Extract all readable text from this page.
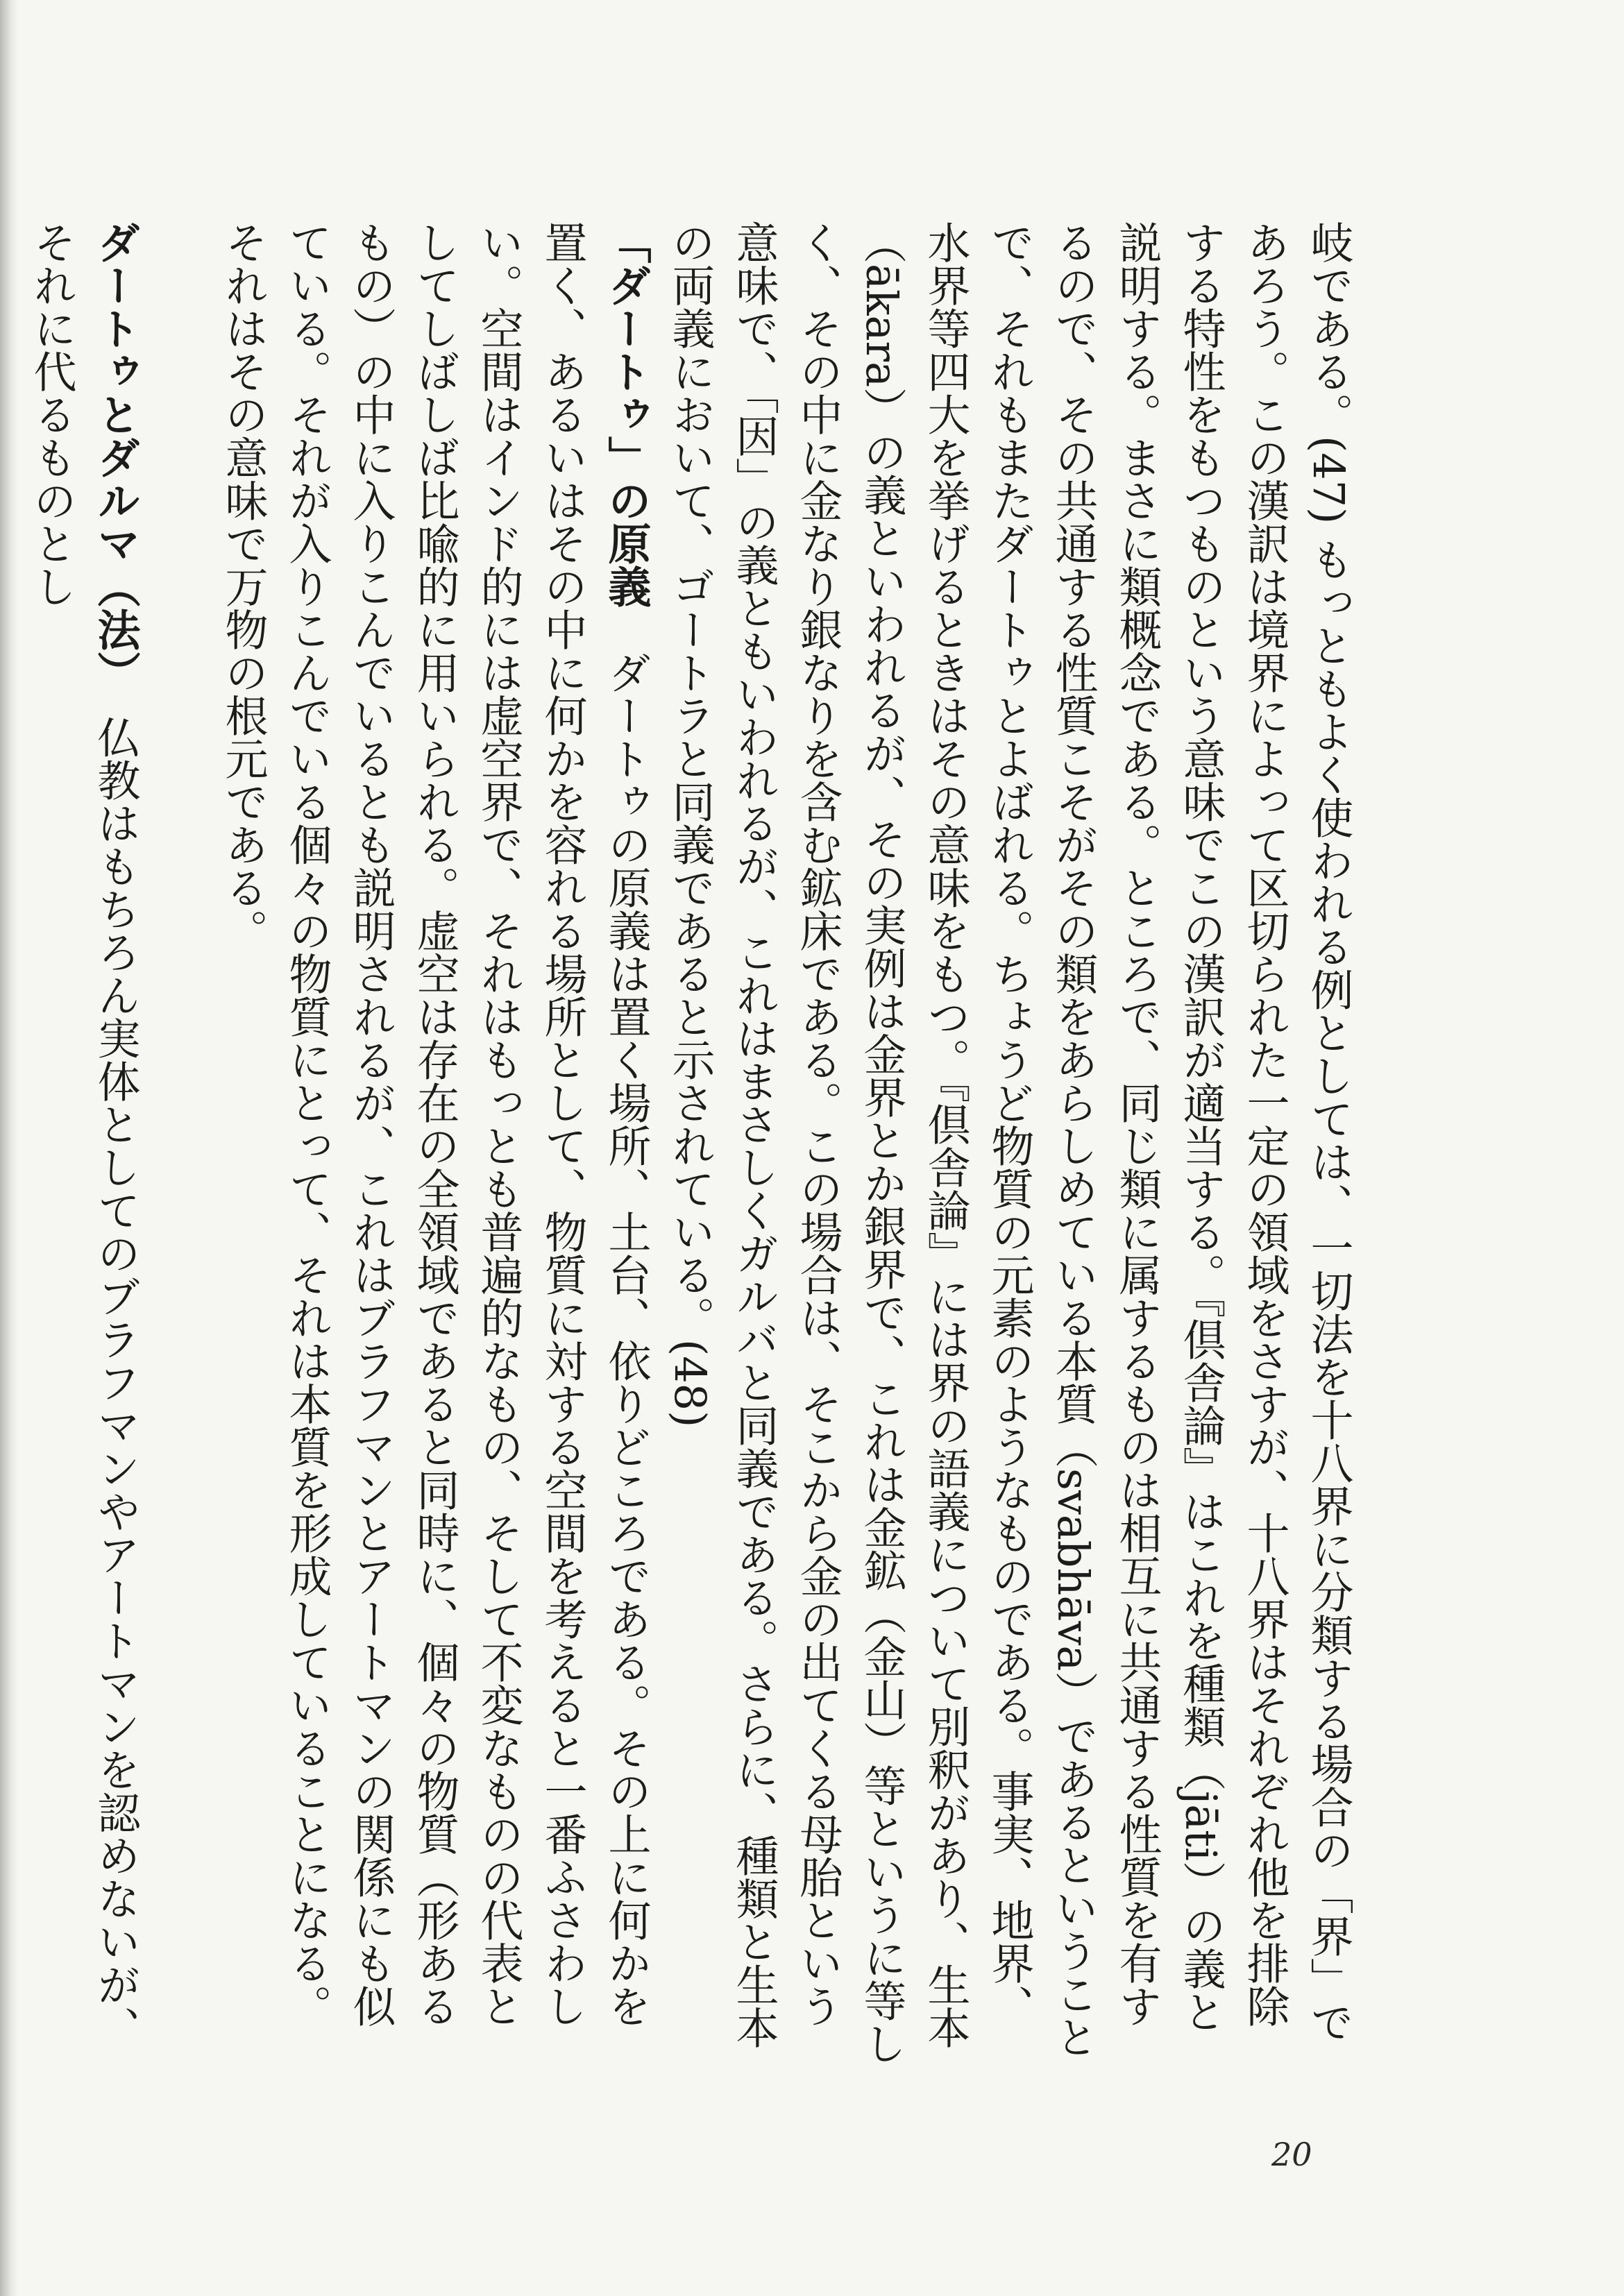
岐である。(47) もっともよく使われる例としては、一切法を十八界に分類する場合の「界」であろう。この漢訳は境界によって区切られた一定の領域をさすが、十八界はそれぞれ他を排除する特性をもつものという意味でこの漢訳が適当する。『倶舎論』はこれを種類（jāti）の義と説明する。まさに類概念である。ところで、同じ類に属するものは相互に共通する性質を有するので、その共通する性質こそがその類をあらしめている本質（svabhāva）であるということで、それもまたダートゥとよばれる。ちょうど物質の元素のようなものである。事実、地界、水界等四大を挙げるときはその意味をもつ。『倶舎論』には界の語義について別釈があり、生本（ākara）の義といわれるが、その実例は金界とか銀界で、これは金鉱（金山）等というに等しく、その中に金なり銀なりを含む鉱床である。この場合は、そこから金の出てくる母胎という意味で、「因」の義ともいわれるが、これはまさしくガルバと同義である。さらに、種類と生本の両義において、ゴートラと同義であると示されている。(48)

「ダートゥ」の原義　ダートゥの原義は置く場所、土台、依りどころである。その上に何かを置く、あるいはその中に何かを容れる場所として、物質に対する空間を考えると一番ふさわしい。空間はインド的には虚空界で、それはもっとも普遍的なもの、そして不変なものの代表としてしばしば比喩的に用いられる。虚空は存在の全領域であると同時に、個々の物質（形あるもの）の中に入りこんでいるとも説明されるが、これはブラフマンとアートマンの関係にも似ている。それが入りこんでいる個々の物質にとって、それは本質を形成していることになる。それはその意味で万物の根元である。

ダートゥとダルマ（法）　仏教はもちろん実体としてのブラフマンやアートマンを認めないが、それに代るものとし

20
